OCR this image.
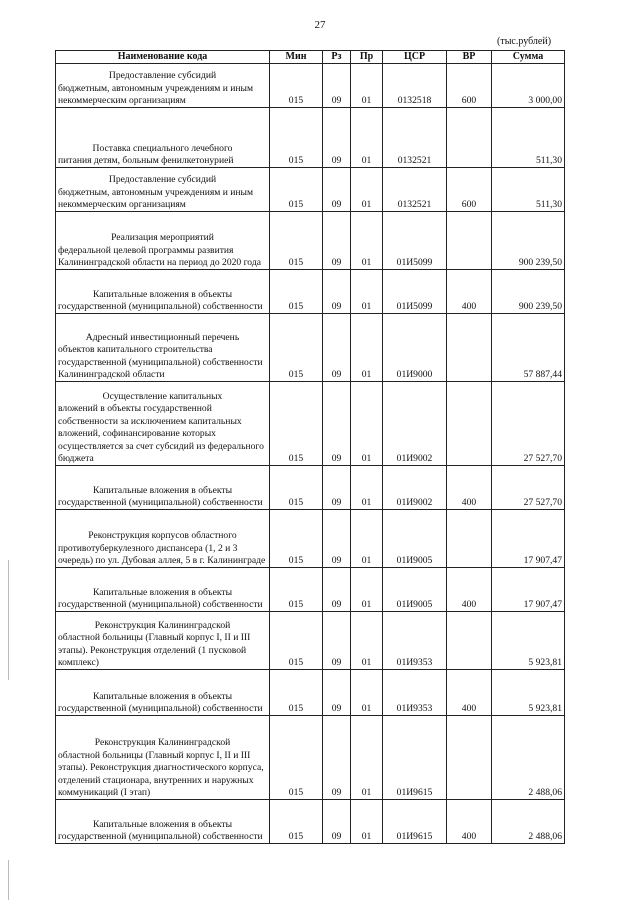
27
(тыс.рублей)
Наименование кода	Мин	Рз	Пр	ЦСР	ВР	Сумма

Предоставление субсидий
бюджетным, автономным учреждениям и иным некоммерческим организациям	015	09	01	0132518	600	3 000,00

Поставка специального лечебного
питания детям, больным фенилкетонурией	015	09	01	0132521		511,30

Предоставление субсидий
бюджетным, автономным учреждениям и иным некоммерческим организациям	015	09	01	0132521	600	511,30

Реализация мероприятий
федеральной целевой программы развития Калининградской области на период до 2020 года	015	09	01	01И5099		900 239,50

Капитальные вложения в объекты
государственной (муниципальной) собственности	015	09	01	01И5099	400	900 239,50

Адресный инвестиционный перечень
объектов капитального строительства государственной (муниципальной) собственности Калининградской области	015	09	01	01И9000		57 887,44

Осуществление капитальных
вложений в объекты государственной собственности за исключением капитальных вложений, софинансирование которых осуществляется за счет субсидий из федерального бюджета	015	09	01	01И9002		27 527,70

Капитальные вложения в объекты
государственной (муниципальной) собственности	015	09	01	01И9002	400	27 527,70

Реконструкция корпусов областного
противотуберкулезного диспансера (1, 2 и 3 очередь) по ул. Дубовая аллея, 5 в г. Калининграде	015	09	01	01И9005		17 907,47

Капитальные вложения в объекты
государственной (муниципальной) собственности	015	09	01	01И9005	400	17 907,47

Реконструкция Калининградской
областной больницы (Главный корпус I, II и III этапы). Реконструкция отделений (1 пусковой комплекс)	015	09	01	01И9353		5 923,81

Капитальные вложения в объекты
государственной (муниципальной) собственности	015	09	01	01И9353	400	5 923,81

Реконструкция Калининградской
областной больницы (Главный корпус I, II и III этапы). Реконструкция диагностического корпуса, отделений стационара, внутренних и наружных коммуникаций (I этап)	015	09	01	01И9615		2 488,06

Капитальные вложения в объекты
государственной (муниципальной) собственности	015	09	01	01И9615	400	2 488,06
